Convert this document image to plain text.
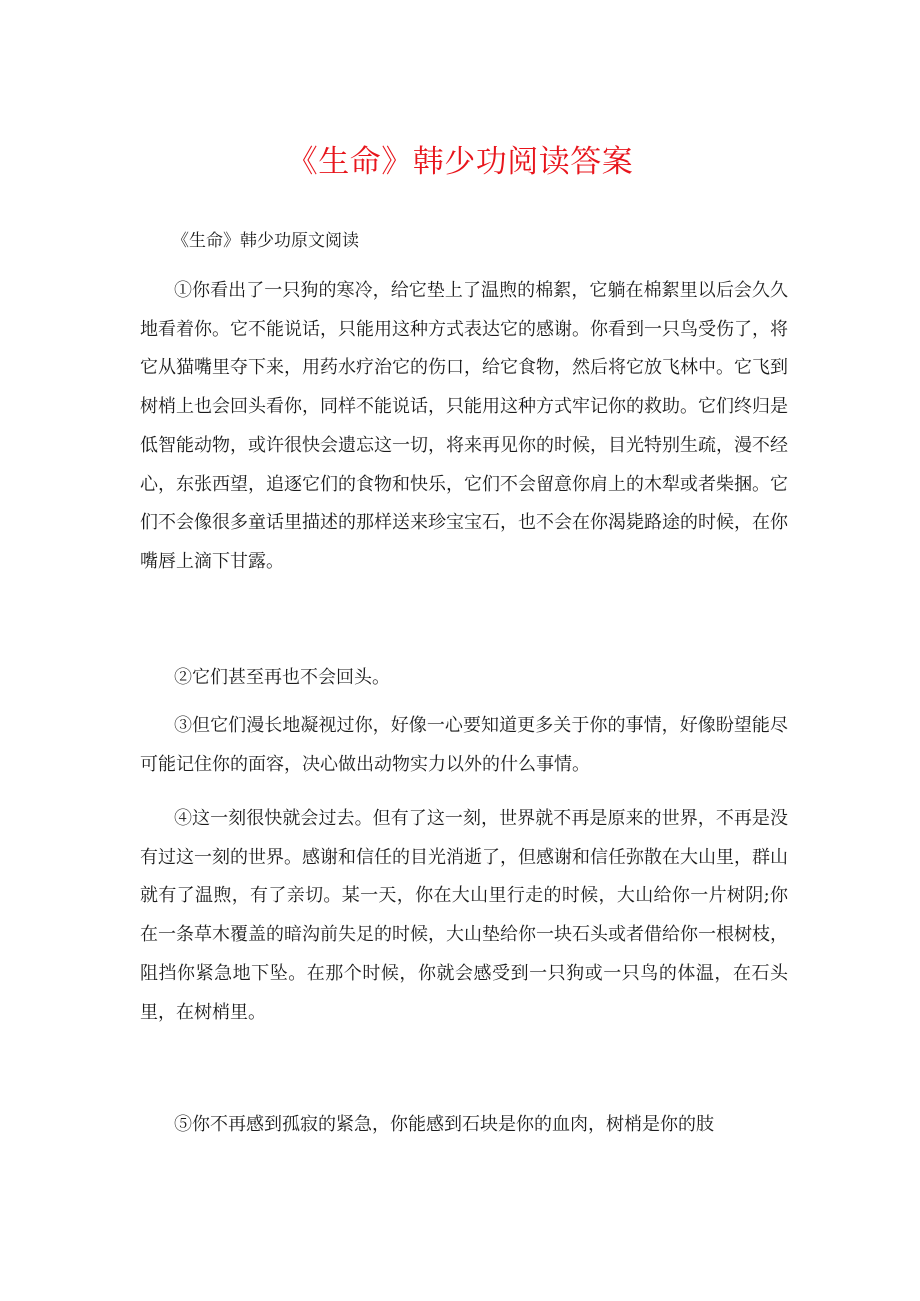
《生命》韩少功阅读答案

《生命》韩少功原文阅读

①你看出了一只狗的寒冷，给它垫上了温煦的棉絮，它躺在棉絮里以后会久久地看着你。它不能说话，只能用这种方式表达它的感谢。你看到一只鸟受伤了，将它从猫嘴里夺下来，用药水疗治它的伤口，给它食物，然后将它放飞林中。它飞到树梢上也会回头看你，同样不能说话，只能用这种方式牢记你的救助。它们终归是低智能动物，或许很快会遗忘这一切，将来再见你的时候，目光特别生疏，漫不经心，东张西望，追逐它们的食物和快乐，它们不会留意你肩上的木犁或者柴捆。它们不会像很多童话里描述的那样送来珍宝宝石，也不会在你渴毙路途的时候，在你嘴唇上滴下甘露。

②它们甚至再也不会回头。

③但它们漫长地凝视过你，好像一心要知道更多关于你的事情，好像盼望能尽可能记住你的面容，决心做出动物实力以外的什么事情。

④这一刻很快就会过去。但有了这一刻，世界就不再是原来的世界，不再是没有过这一刻的世界。感谢和信任的目光消逝了，但感谢和信任弥散在大山里，群山就有了温煦，有了亲切。某一天，你在大山里行走的时候，大山给你一片树阴;你在一条草木覆盖的暗沟前失足的时候，大山垫给你一块石头或者借给你一根树枝，阻挡你紧急地下坠。在那个时候，你就会感受到一只狗或一只鸟的体温，在石头里，在树梢里。

⑤你不再感到孤寂的紧急，你能感到石块是你的血肉，树梢是你的肢
